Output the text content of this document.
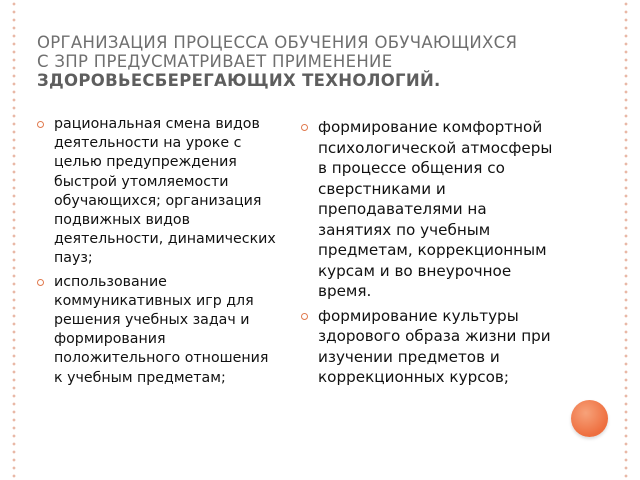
ОРГАНИЗАЦИЯ ПРОЦЕССА ОБУЧЕНИЯ ОБУЧАЮЩИХСЯ
С ЗПР ПРЕДУСМАТРИВАЕТ ПРИМЕНЕНИЕ
ЗДОРОВЬЕСБЕРЕГАЮЩИХ ТЕХНОЛОГИЙ.
рациональная смена видов деятельности на уроке с целью предупреждения быстрой утомляемости обучающихся; организация подвижных видов деятельности, динамических пауз;
использование коммуникативных игр для решения учебных задач и формирования положительного отношения к учебным предметам;
формирование комфортной психологической атмосферы в процессе общения со сверстниками и преподавателями на занятиях по учебным предметам, коррекционным курсам и во внеурочное время.
формирование культуры здорового образа жизни при изучении предметов и коррекционных курсов;
